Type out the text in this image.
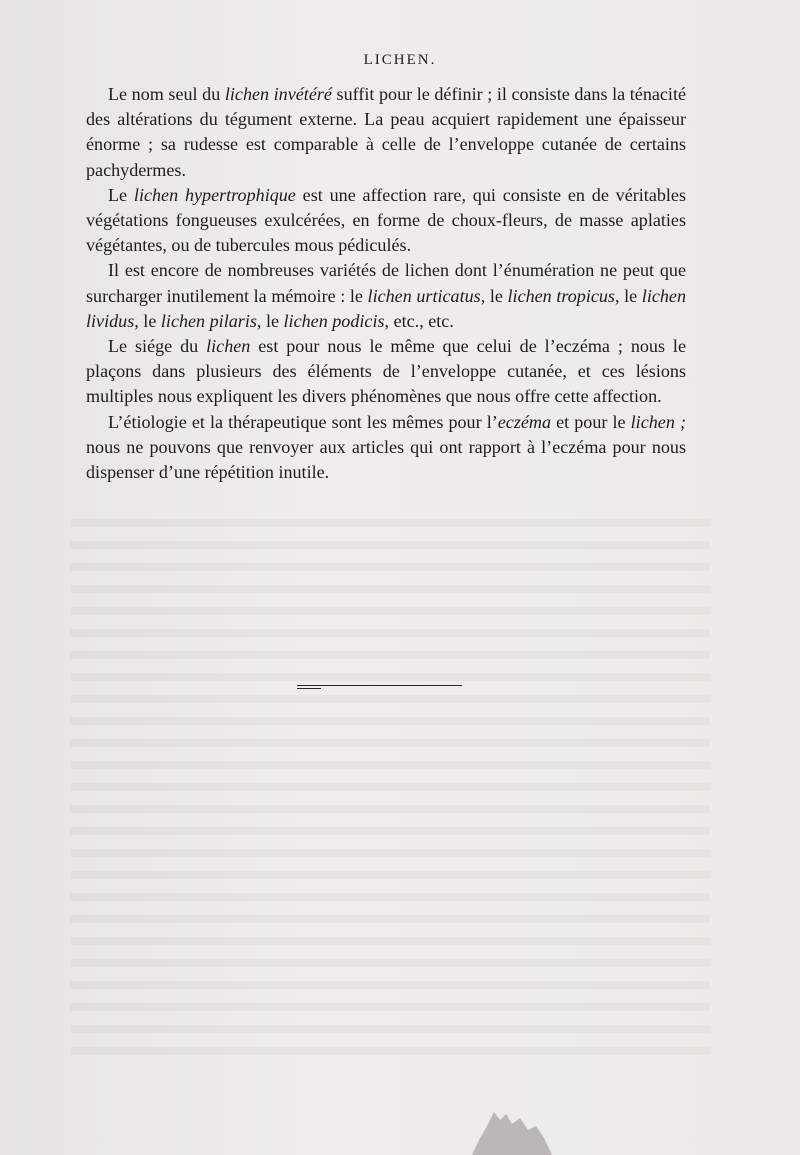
LICHEN.

Le nom seul du lichen invétéré suffit pour le définir ; il consiste dans la ténacité des altérations du tégument externe. La peau acquiert rapidement une épaisseur énorme ; sa rudesse est comparable à celle de l’enveloppe cutanée de certains pachydermes.

Le lichen hypertrophique est une affection rare, qui consiste en de véritables végétations fongueuses exulcérées, en forme de choux-fleurs, de masse aplaties végétantes, ou de tubercules mous pédiculés.

Il est encore de nombreuses variétés de lichen dont l’énumération ne peut que surcharger inutilement la mémoire : le lichen urticatus, le lichen tropicus, le lichen lividus, le lichen pilaris, le lichen podicis, etc., etc.

Le siége du lichen est pour nous le même que celui de l’eczéma ; nous le plaçons dans plusieurs des éléments de l’enveloppe cutanée, et ces lésions multiples nous expliquent les divers phénomènes que nous offre cette affection.

L’étiologie et la thérapeutique sont les mêmes pour l’eczéma et pour le lichen ; nous ne pouvons que renvoyer aux articles qui ont rapport à l’eczéma pour nous dispenser d’une répétition inutile.
